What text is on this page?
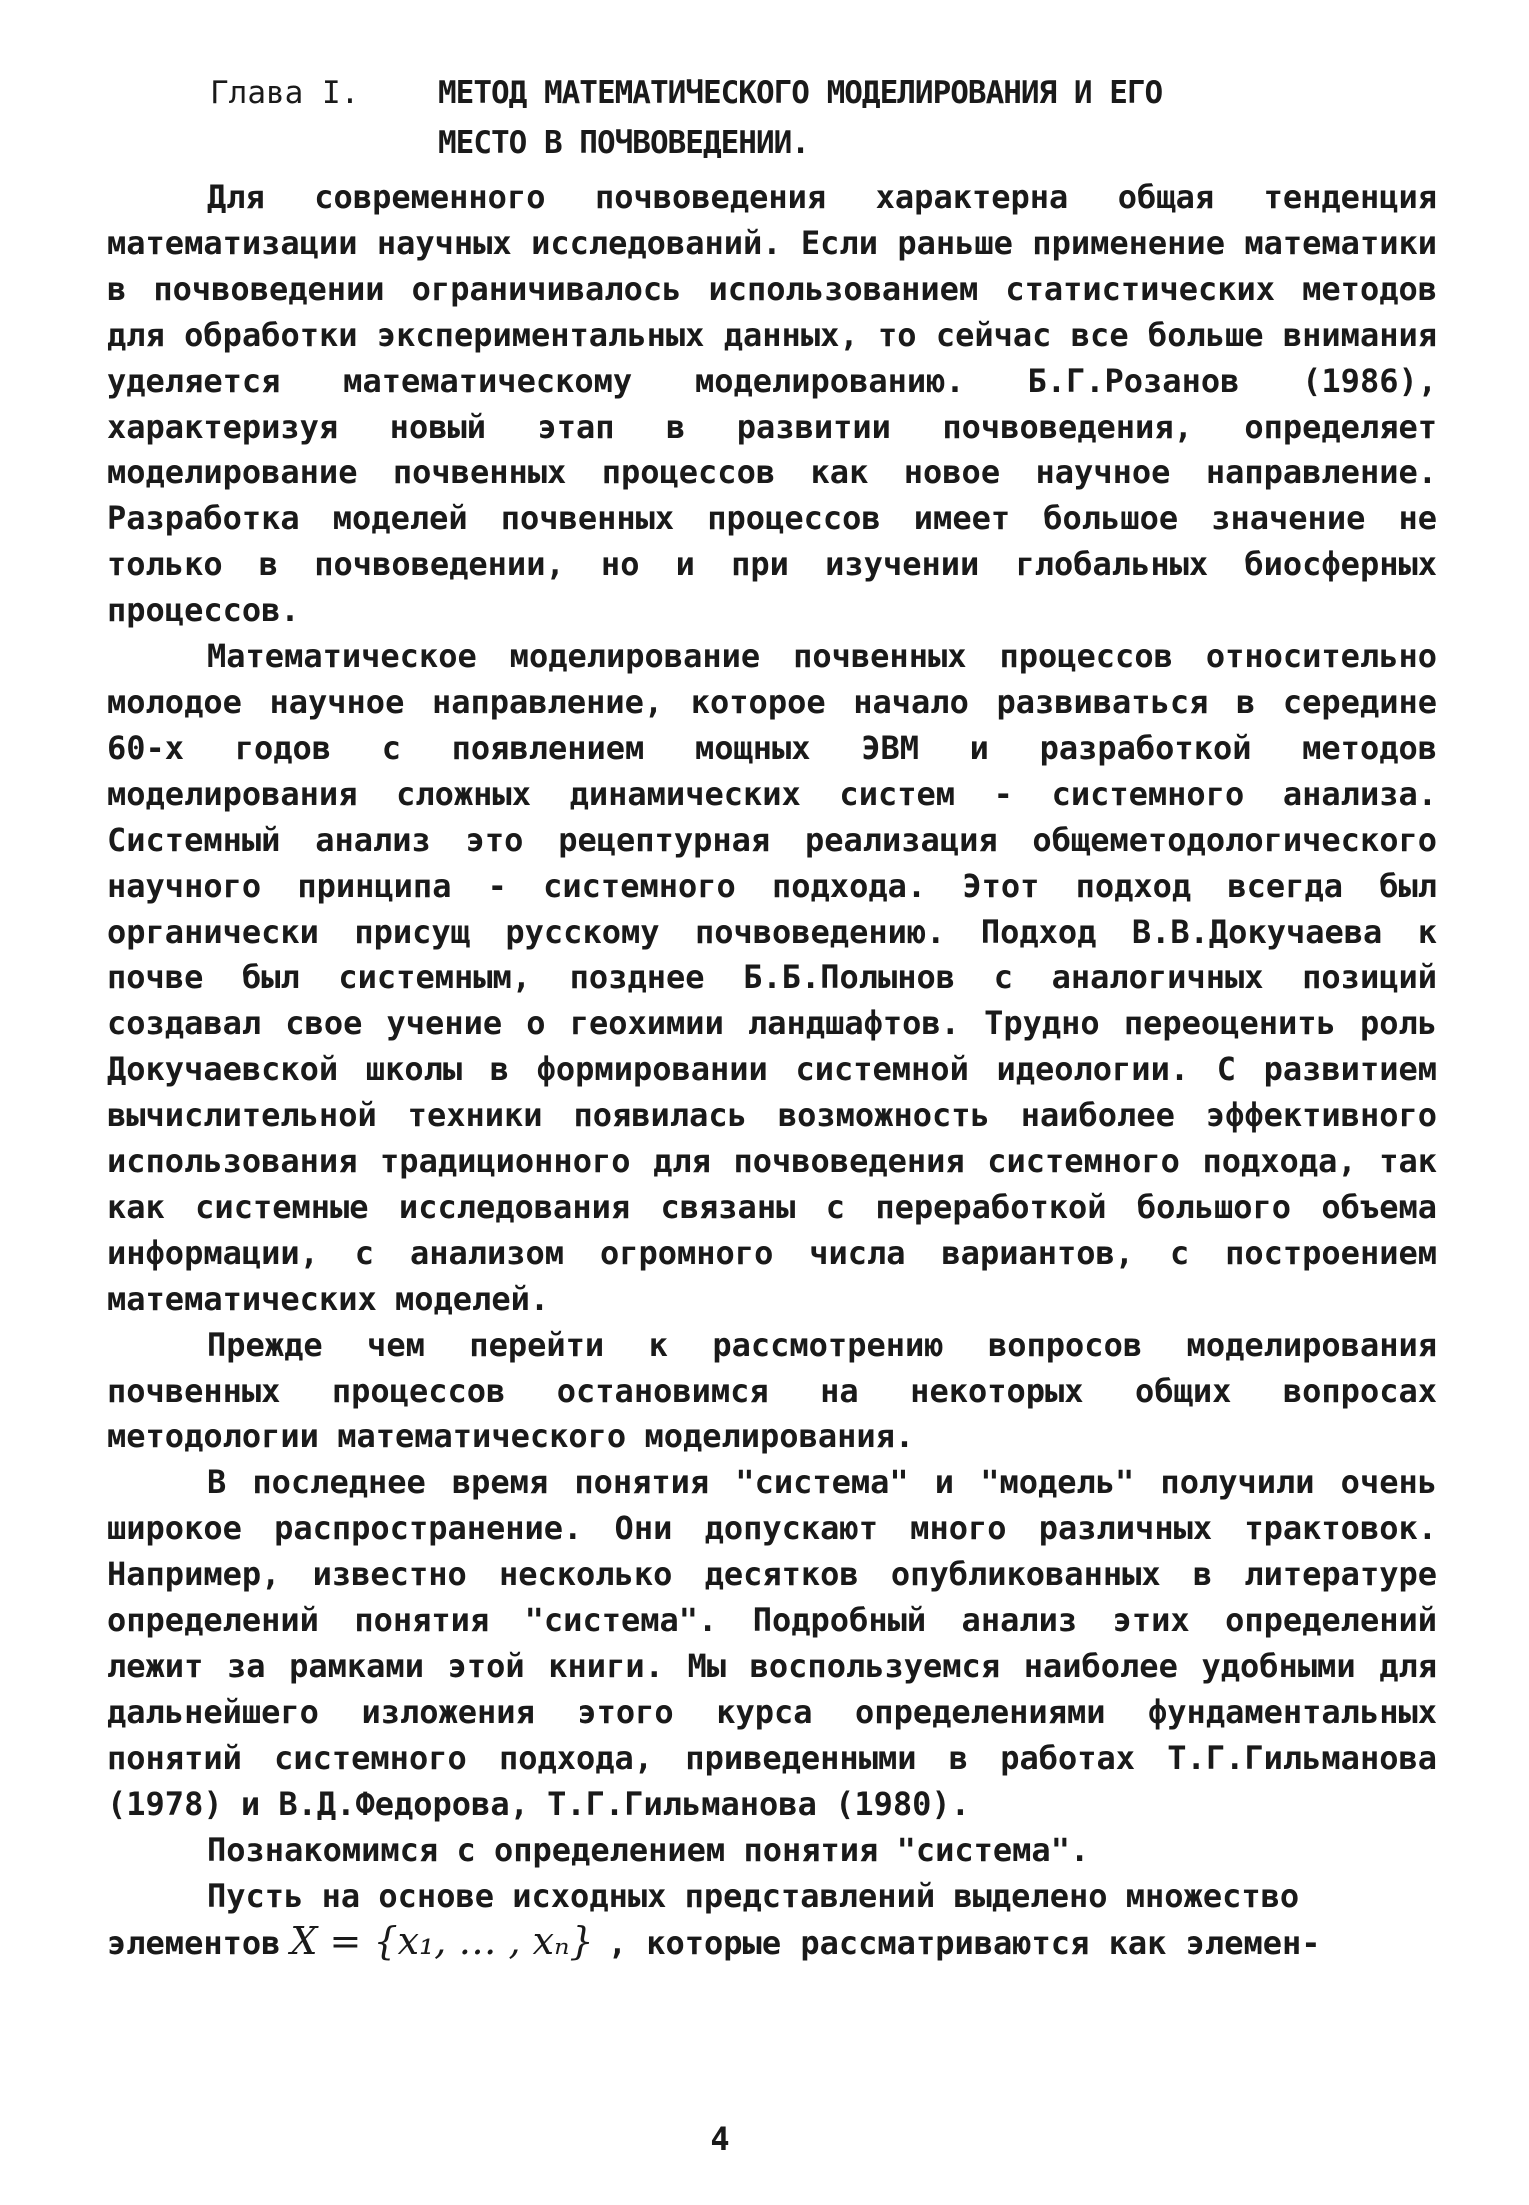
Глава I.	МЕТОД МАТЕМАТИЧЕСКОГО МОДЕЛИРОВАНИЯ И ЕГО
МЕСТО В ПОЧВОВЕДЕНИИ.

Для современного почвоведения характерна общая тенденция математизации научных исследований. Если раньше применение математики в почвоведении ограничивалось использованием статистических методов для обработки экспериментальных данных, то сейчас все больше внимания уделяется математическому моделированию. Б.Г.Розанов (1986), характеризуя новый этап в развитии почвоведения, определяет моделирование почвенных процессов как новое научное направление. Разработка моделей почвенных процессов имеет большое значение не только в почвоведении, но и при изучении глобальных биосферных процессов.

Математическое моделирование почвенных процессов относительно молодое научное направление, которое начало развиваться в середине 60-х годов с появлением мощных ЭВМ и разработкой методов моделирования сложных динамических систем - системного анализа. Системный анализ это рецептурная реализация общеметодологического научного принципа - системного подхода. Этот подход всегда был органически присущ русскому почвоведению. Подход В.В.Докучаева к почве был системным, позднее Б.Б.Полынов с аналогичных позиций создавал свое учение о геохимии ландшафтов. Трудно переоценить роль Докучаевской школы в формировании системной идеологии. С развитием вычислительной техники появилась возможность наиболее эффективного использования традиционного для почвоведения системного подхода, так как системные исследования связаны с переработкой большого объема информации, с анализом огромного числа вариантов, с построением математических моделей.

Прежде чем перейти к рассмотрению вопросов моделирования почвенных процессов остановимся на некоторых общих вопросах методологии математического моделирования.

В последнее время понятия "система" и "модель" получили очень широкое распространение. Они допускают много различных трактовок. Например, известно несколько десятков опубликованных в литературе определений понятия "система". Подробный анализ этих определений лежит за рамками этой книги. Мы воспользуемся наиболее удобными для дальнейшего изложения этого курса определениями фундаментальных понятий системного подхода, приведенными в работах Т.Г.Гильманова (1978) и В.Д.Федорова, Т.Г.Гильманова (1980).

Познакомимся с определением понятия "система".

Пусть на основе исходных представлений выделено множество

элементов X = {x₁, … , xₙ} , которые рассматриваются как элемен-

4
